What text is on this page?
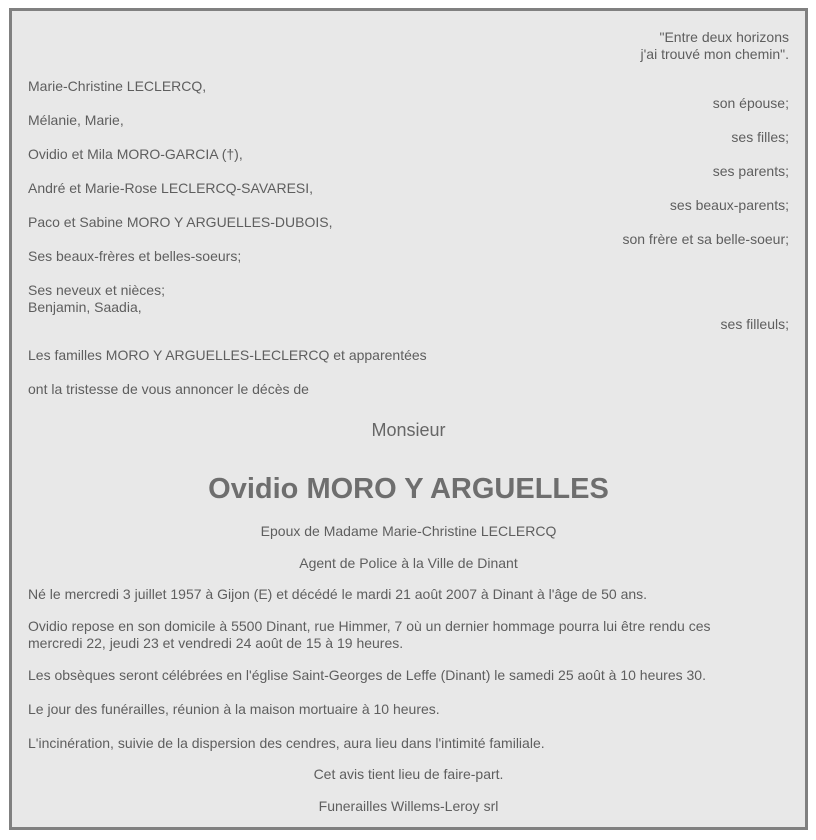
"Entre deux horizons
j'ai trouvé mon chemin".
Marie-Christine LECLERCQ,
son épouse;
Mélanie, Marie,
ses filles;
Ovidio et Mila MORO-GARCIA (†),
ses parents;
André et Marie-Rose LECLERCQ-SAVARESI,
ses beaux-parents;
Paco et Sabine MORO Y ARGUELLES-DUBOIS,
son frère et sa belle-soeur;
Ses beaux-frères et belles-soeurs;
Ses neveux et nièces;
Benjamin, Saadia,
ses filleuls;
Les familles MORO Y ARGUELLES-LECLERCQ et apparentées
ont la tristesse de vous annoncer le décès de
Monsieur
Ovidio MORO Y ARGUELLES
Epoux de Madame Marie-Christine LECLERCQ
Agent de Police à la Ville de Dinant
Né le mercredi 3 juillet 1957 à Gijon (E) et décédé le mardi 21 août 2007 à Dinant à l'âge de 50 ans.
Ovidio repose en son domicile à 5500 Dinant, rue Himmer, 7 où un dernier hommage pourra lui être rendu ces
mercredi 22, jeudi 23 et vendredi 24 août de 15 à 19 heures.
Les obsèques seront célébrées en l'église Saint-Georges de Leffe (Dinant) le samedi 25 août à 10 heures 30.
Le jour des funérailles, réunion à la maison mortuaire à 10 heures.
L'incinération, suivie de la dispersion des cendres, aura lieu dans l'intimité familiale.
Cet avis tient lieu de faire-part.
Funerailles Willems-Leroy srl
